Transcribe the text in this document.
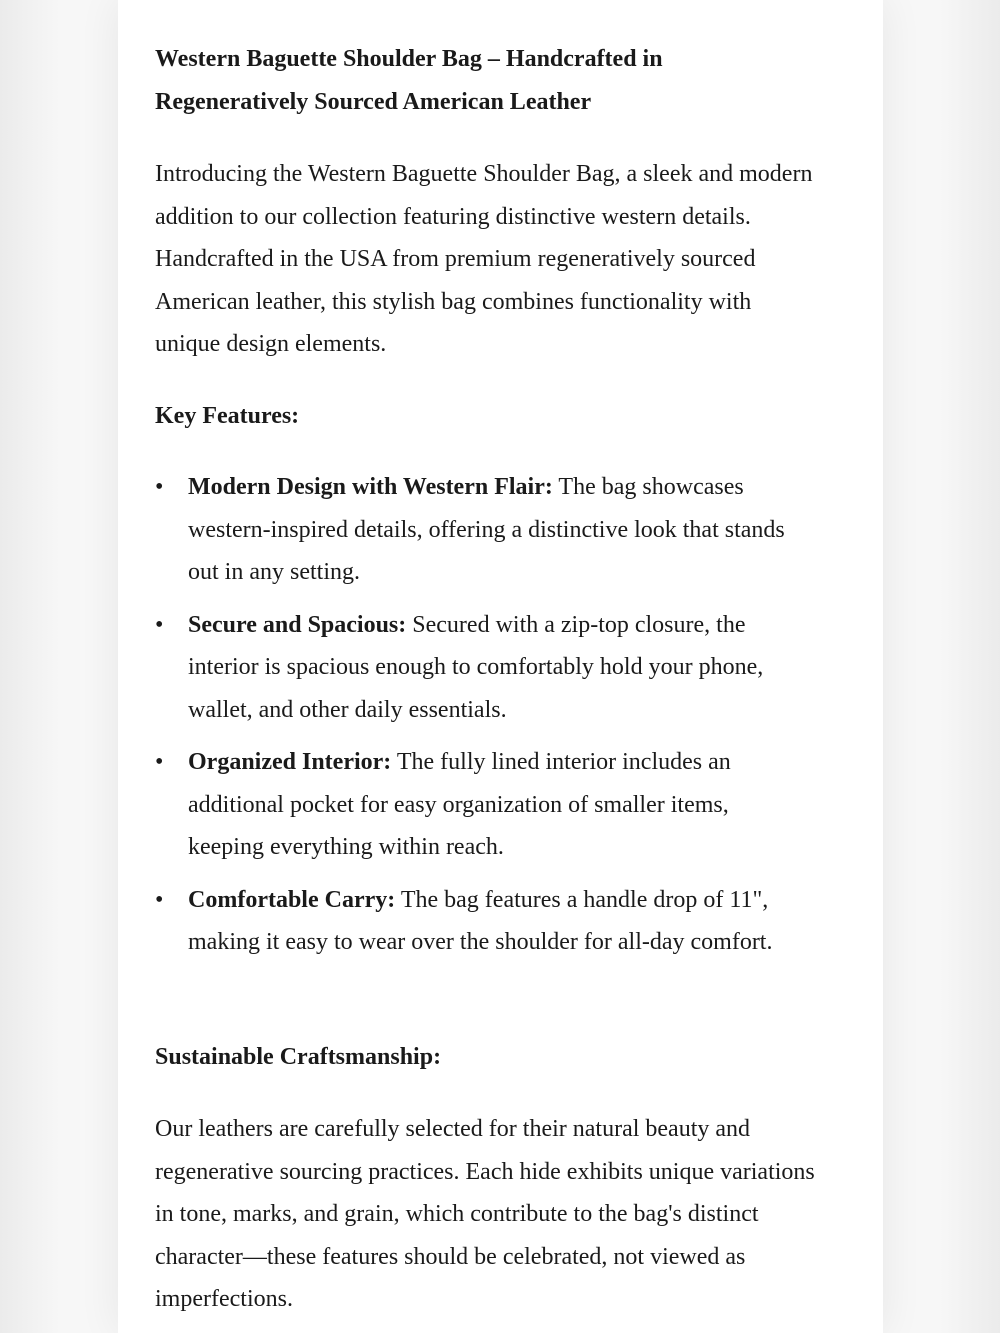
Western Baguette Shoulder Bag – Handcrafted in Regeneratively Sourced American Leather

Introducing the Western Baguette Shoulder Bag, a sleek and modern addition to our collection featuring distinctive western details. Handcrafted in the USA from premium regeneratively sourced American leather, this stylish bag combines functionality with unique design elements.

Key Features:
• Modern Design with Western Flair: The bag showcases western-inspired details, offering a distinctive look that stands out in any setting.
• Secure and Spacious: Secured with a zip-top closure, the interior is spacious enough to comfortably hold your phone, wallet, and other daily essentials.
• Organized Interior: The fully lined interior includes an additional pocket for easy organization of smaller items, keeping everything within reach.
• Comfortable Carry: The bag features a handle drop of 11", making it easy to wear over the shoulder for all-day comfort.
Sustainable Craftsmanship:

Our leathers are carefully selected for their natural beauty and regenerative sourcing practices. Each hide exhibits unique variations in tone, marks, and grain, which contribute to the bag's distinct character—these features should be celebrated, not viewed as imperfections.
